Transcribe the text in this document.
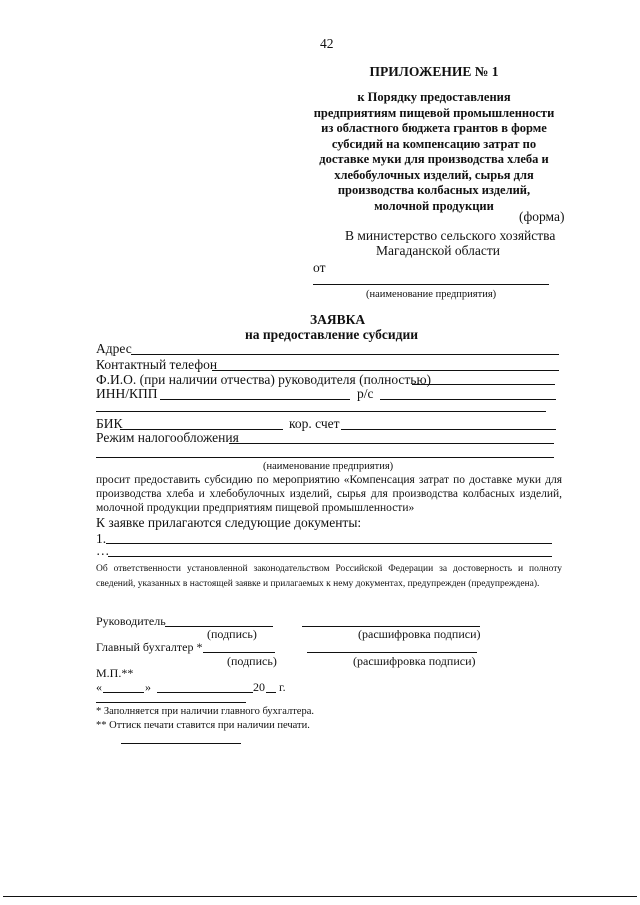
42
ПРИЛОЖЕНИЕ № 1
к Порядку предоставления
предприятиям пищевой промышленности
из областного бюджета грантов в форме
субсидий на компенсацию затрат по
доставке муки для производства хлеба и
хлебобулочных изделий, сырья для
производства колбасных изделий,
молочной продукции
(форма)
В министерство сельского хозяйства
Магаданской области
от
(наименование предприятия)
ЗАЯВКА
на предоставление субсидии
Адрес
Контактный телефон
Ф.И.О. (при наличии отчества) руководителя (полностью)
ИНН/КПП	р/с
БИК	кор. счет
Режим налогообложения
(наименование предприятия)
просит предоставить субсидию по мероприятию «Компенсация затрат по доставке муки для производства хлеба и хлебобулочных изделий, сырья для производства колбасных изделий, молочной продукции предприятиям пищевой промышленности»
К заявке прилагаются следующие документы:
1.
…
Об ответственности установленной законодательством Российской Федерации за достоверность и полноту сведений, указанных в настоящей заявке и прилагаемых к нему документах, предупрежден (предупреждена).
Руководитель
(подпись)	(расшифровка подписи)
Главный бухгалтер *
(подпись)	(расшифровка подписи)
М.П.**
«	»	20 г.
* Заполняется при наличии главного бухгалтера.
** Оттиск печати ставится при наличии печати.
